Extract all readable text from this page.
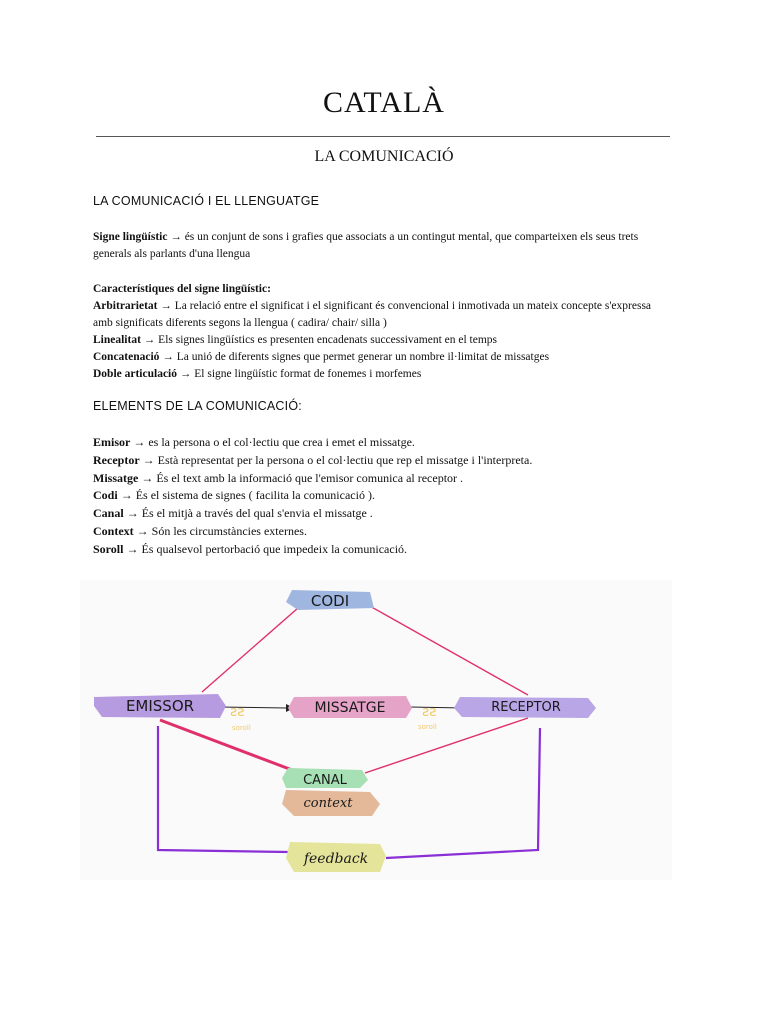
CATALÀ
LA COMUNICACIÓ
LA COMUNICACIÓ I EL LLENGUATGE
Signe lingüístic → és un conjunt de sons i grafies que associats a un contingut mental, que comparteixen els seus trets generals als parlants d'una llengua
Característiques del signe lingüístic:
Arbitrarietat → La relació entre el significat i el significant és convencional i inmotivada un mateix concepte s'expressa amb significats diferents segons la llengua ( cadira/ chair/ silla )
Linealitat → Els signes lingüístics es presenten encadenats successivament en el temps
Concatenació → La unió de diferents signes que permet generar un nombre il·limitat de missatges
Doble articulació → El signe lingüístic format de fonemes i morfemes
ELEMENTS DE LA COMUNICACIÓ:
Emisor → es la persona o el col·lectiu que crea i emet el missatge.
Receptor → Està representat per la persona o el col·lectiu que rep el missatge i l'interpreta.
Missatge → És el text amb la informació que l'emisor comunica al receptor .
Codi → És el sistema de signes ( facilita la comunicació ).
Canal → És el mitjà a través del qual s'envia el missatge .
Context → Són les circumstàncies externes.
Soroll → És qualsevol pertorbació que impedeix la comunicació.
ƨƨ
soroll
ƨƨ
soroll
CODI
EMISSOR	MISSATGE	RECEPTOR
CANAL
context
feedback
